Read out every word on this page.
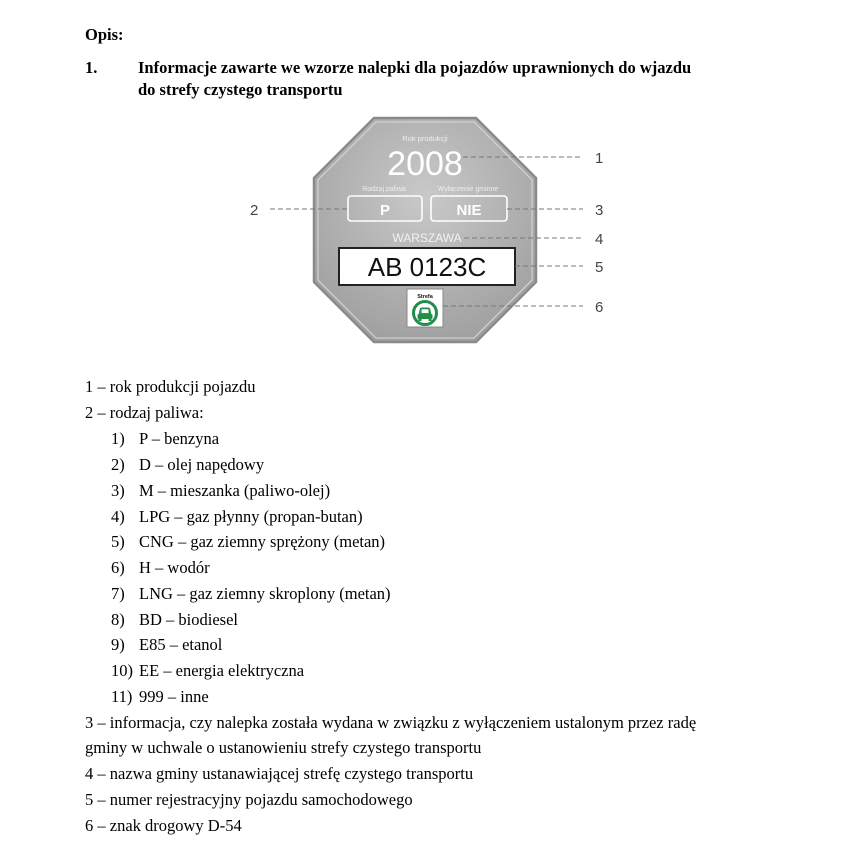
Opis:
1. Informacje zawarte we wzorze nalepki dla pojazdów uprawnionych do wjazdu
do strefy czystego transportu
Rok produkcji
2008
Rodzaj paliwa	Wyłączenie gminne
P	NIE
WARSZAWA
AB 0123C
Strefa
1
2	3
4
5
6
1 – rok produkcji pojazdu
2 – rodzaj paliwa:
1) P – benzyna
2) D – olej napędowy
3) M – mieszanka (paliwo-olej)
4) LPG – gaz płynny (propan-butan)
5) CNG – gaz ziemny sprężony (metan)
6) H – wodór
7) LNG – gaz ziemny skroplony (metan)
8) BD – biodiesel
9) E85 – etanol
10) EE – energia elektryczna
11) 999 – inne
3 – informacja, czy nalepka została wydana w związku z wyłączeniem ustalonym przez radę
gminy w uchwale o ustanowieniu strefy czystego transportu
4 – nazwa gminy ustanawiającej strefę czystego transportu
5 – numer rejestracyjny pojazdu samochodowego
6 – znak drogowy D-54
